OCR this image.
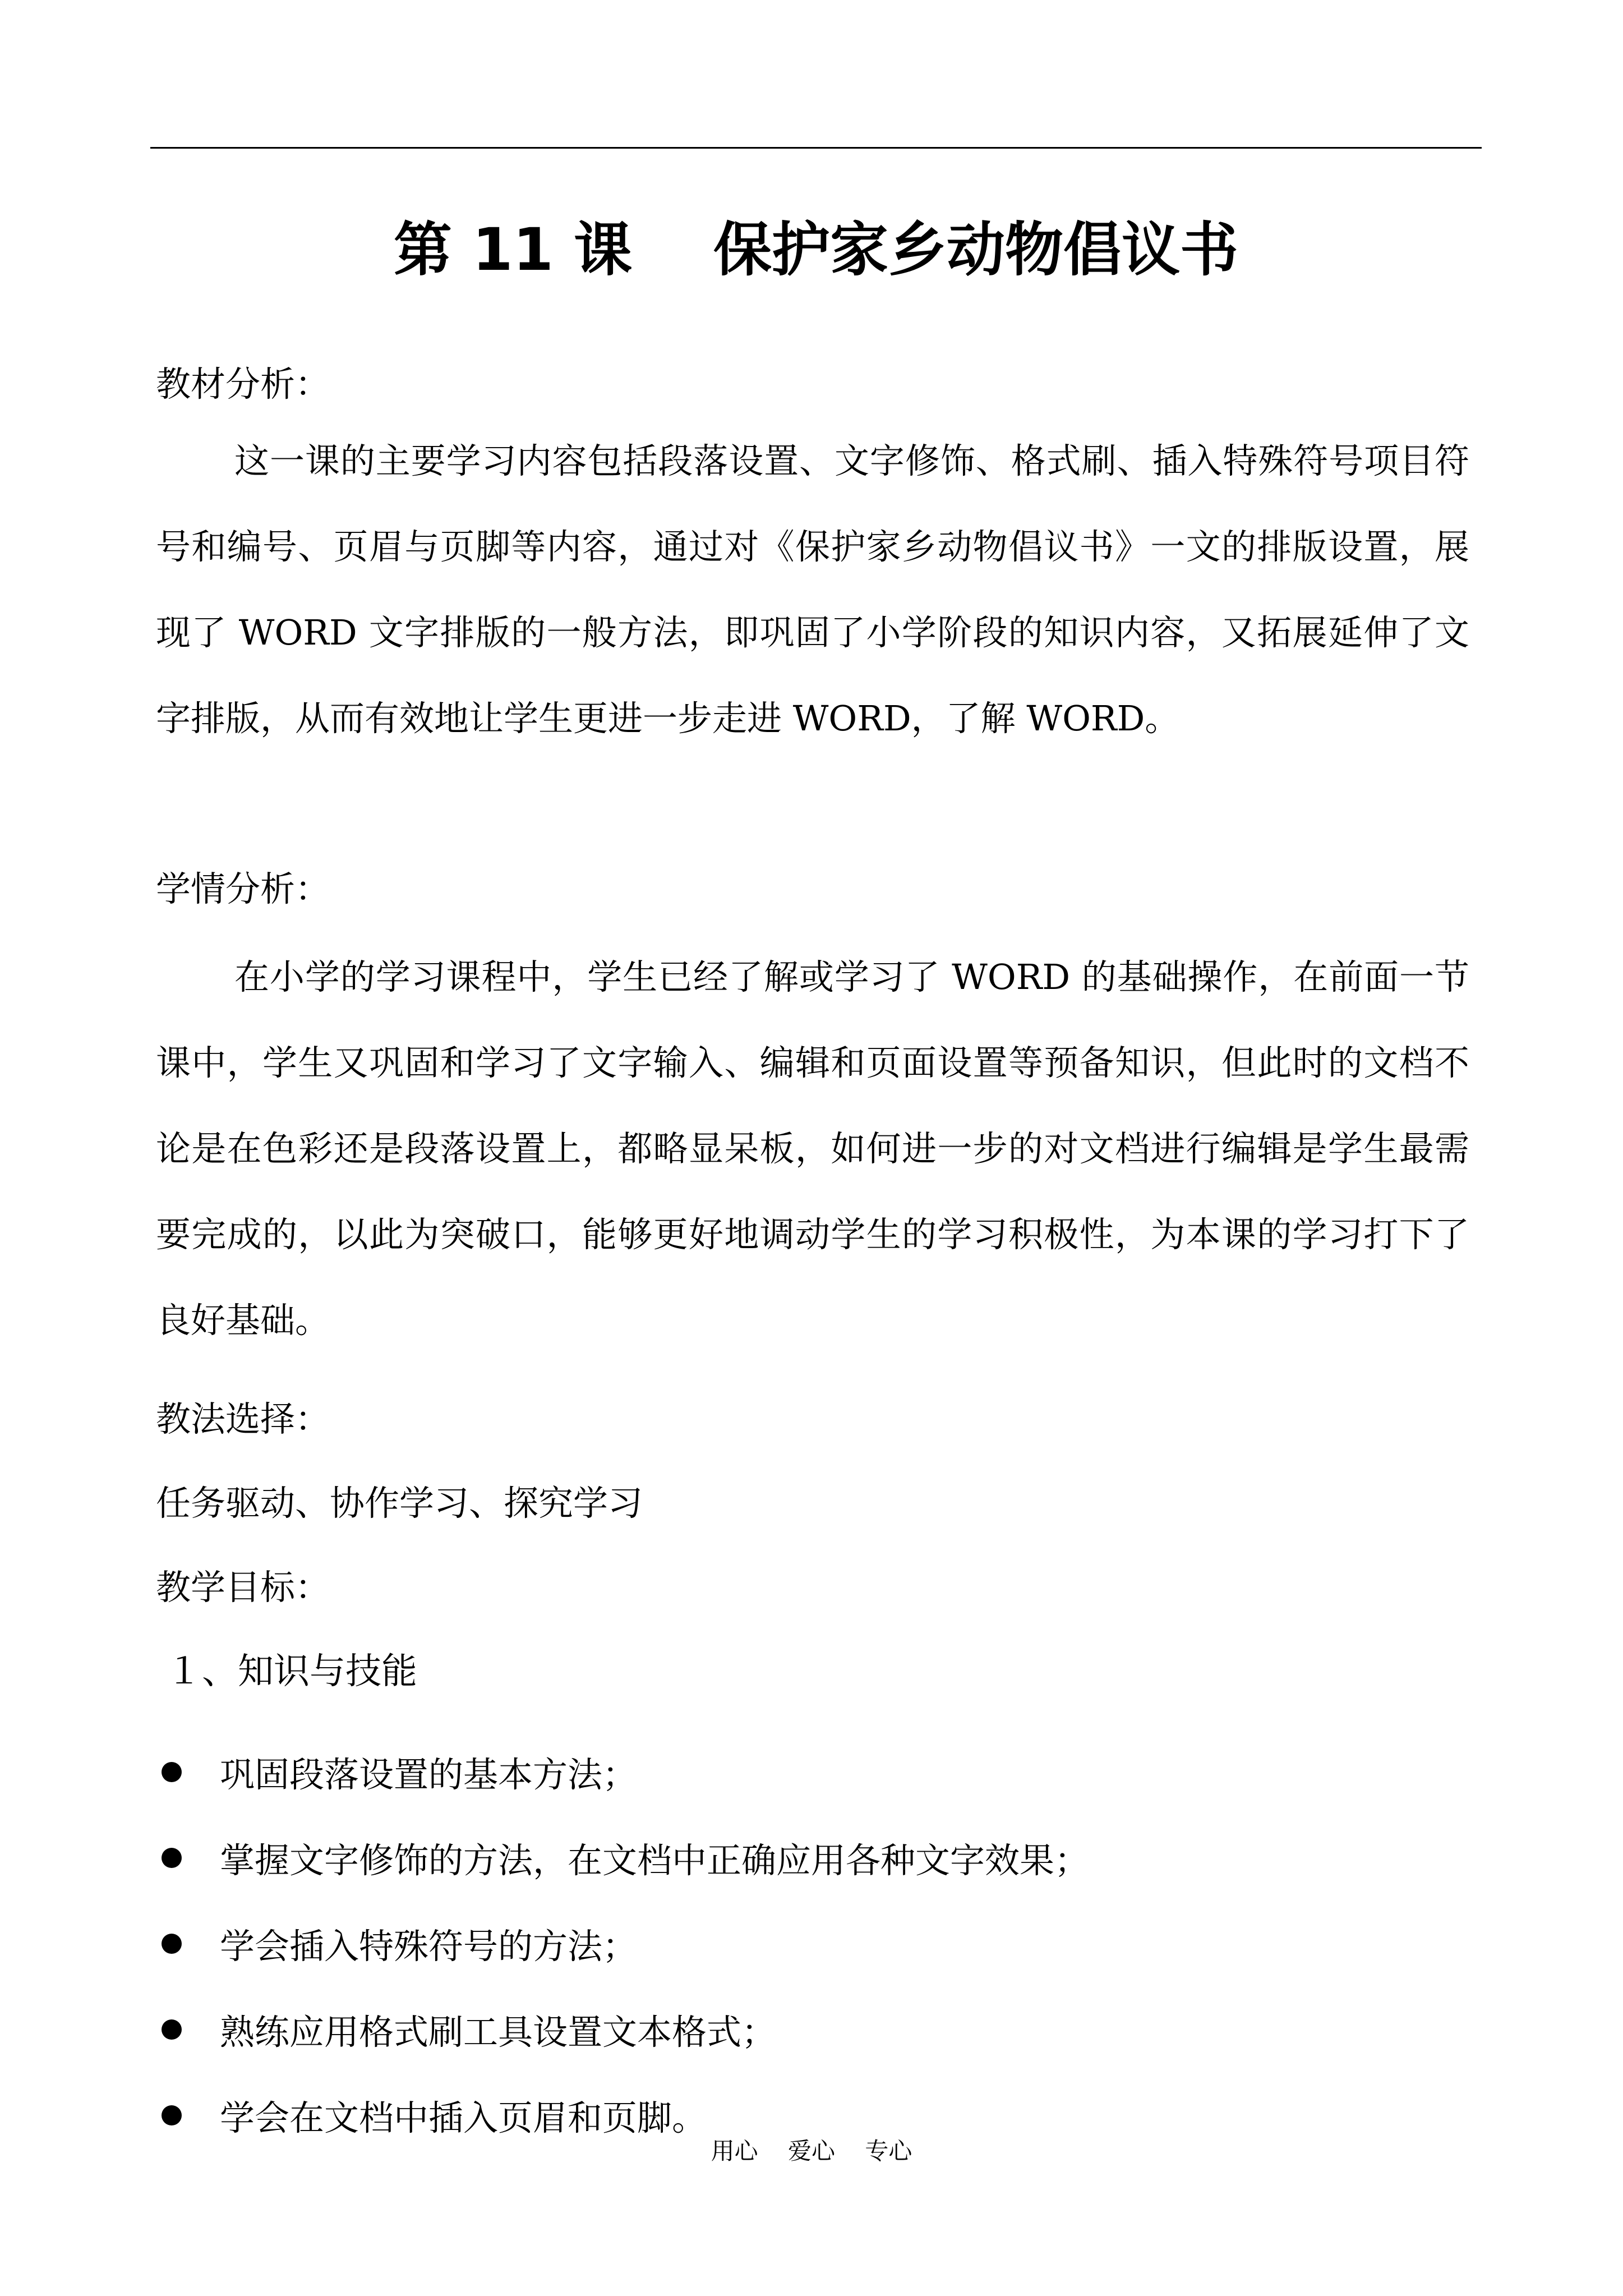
第 11 课    保护家乡动物倡议书
教材分析：
这一课的主要学习内容包括段落设置、文字修饰、格式刷、插入特殊符号项目符号和编号、页眉与页脚等内容，通过对《保护家乡动物倡议书》一文的排版设置，展现了 WORD 文字排版的一般方法，即巩固了小学阶段的知识内容，又拓展延伸了文字排版，从而有效地让学生更进一步走进 WORD，了解 WORD。
学情分析：
在小学的学习课程中，学生已经了解或学习了 WORD 的基础操作，在前面一节课中，学生又巩固和学习了文字输入、编辑和页面设置等预备知识，但此时的文档不论是在色彩还是段落设置上，都略显呆板，如何进一步的对文档进行编辑是学生最需要完成的，以此为突破口，能够更好地调动学生的学习积极性，为本课的学习打下了良好基础。
教法选择：
任务驱动、协作学习、探究学习
教学目标：
１、知识与技能
巩固段落设置的基本方法；
掌握文字修饰的方法，在文档中正确应用各种文字效果；
学会插入特殊符号的方法；
熟练应用格式刷工具设置文本格式；
学会在文档中插入页眉和页脚。
用心    爱心    专心
